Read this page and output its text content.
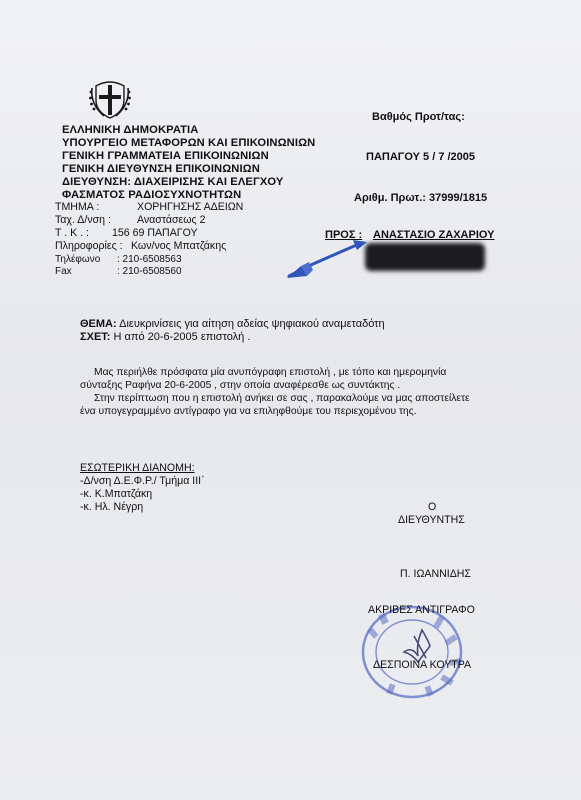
ΕΛΛΗΝΙΚΗ ΔΗΜΟΚΡΑΤΙΑ
ΥΠΟΥΡΓΕΙΟ ΜΕΤΑΦΟΡΩΝ ΚΑΙ ΕΠΙΚΟΙΝΩΝΙΩΝ
ΓΕΝΙΚΗ ΓΡΑΜΜΑΤΕΙΑ ΕΠΙΚΟΙΝΩΝΙΩΝ
ΓΕΝΙΚΗ ΔΙΕΥΘΥΝΣΗ ΕΠΙΚΟΙΝΩΝΙΩΝ
ΔΙΕΥΘΥΝΣΗ: ΔΙΑΧΕΙΡΙΣΗΣ ΚΑΙ ΕΛΕΓΧΟΥ
ΦΑΣΜΑΤΟΣ ΡΑΔΙΟΣΥΧΝΟΤΗΤΩΝ
ΤΜΗΜΑ :	ΧΟΡΗΓΗΣΗΣ ΑΔΕΙΩΝ
Ταχ. Δ/νση : Αναστάσεως 2
Τ . Κ . : 156 69 ΠΑΠΑΓΟΥ
Πληροφορίες : Κων/νος Μπατζάκης
Τηλέφωνο : 210-6508563
Fax	: 210-6508560
Βαθμός Προτ/τας:
ΠΑΠΑΓΟΥ 5 / 7 /2005
Αριθμ. Πρωτ.: 37999/1815
ΠΡΟΣ : ΑΝΑΣΤΑΣΙΟ ΖΑΧΑΡΙΟΥ
ΘΕΜΑ: Διευκρινίσεις για αίτηση αδείας ψηφιακού αναμεταδότη
ΣΧΕΤ: Η από 20-6-2005 επιστολή .
Μας περιήλθε πρόσφατα μία ανυπόγραφη επιστολή , με τόπο και ημερομηνία
σύνταξης Ραφήνα 20-6-2005 , στην οποία αναφέρεσθε ως συντάκτης .
Στην περίπτωση που η επιστολή ανήκει σε σας , παρακαλούμε να μας αποστείλετε
ένα υπογεγραμμένο αντίγραφο για να επιληφθούμε του περιεχομένου της.
ΕΣΩΤΕΡΙΚΗ ΔΙΑΝΟΜΗ:
-Δ/νση Δ.Ε.Φ.Ρ./ Τμήμα ΙΙΙ΄
-κ. Κ.Μπατζάκη
-κ. Ηλ. Νέγρη	Ο
ΔΙΕΥΘΥΝΤΗΣ
Π. ΙΩΑΝΝΙΔΗΣ
ΑΚΡΙΒΕΣ ΑΝΤΙΓΡΑΦΟ
ΔΕΣΠΟΙΝΑ ΚΟΥΤΡΑ
